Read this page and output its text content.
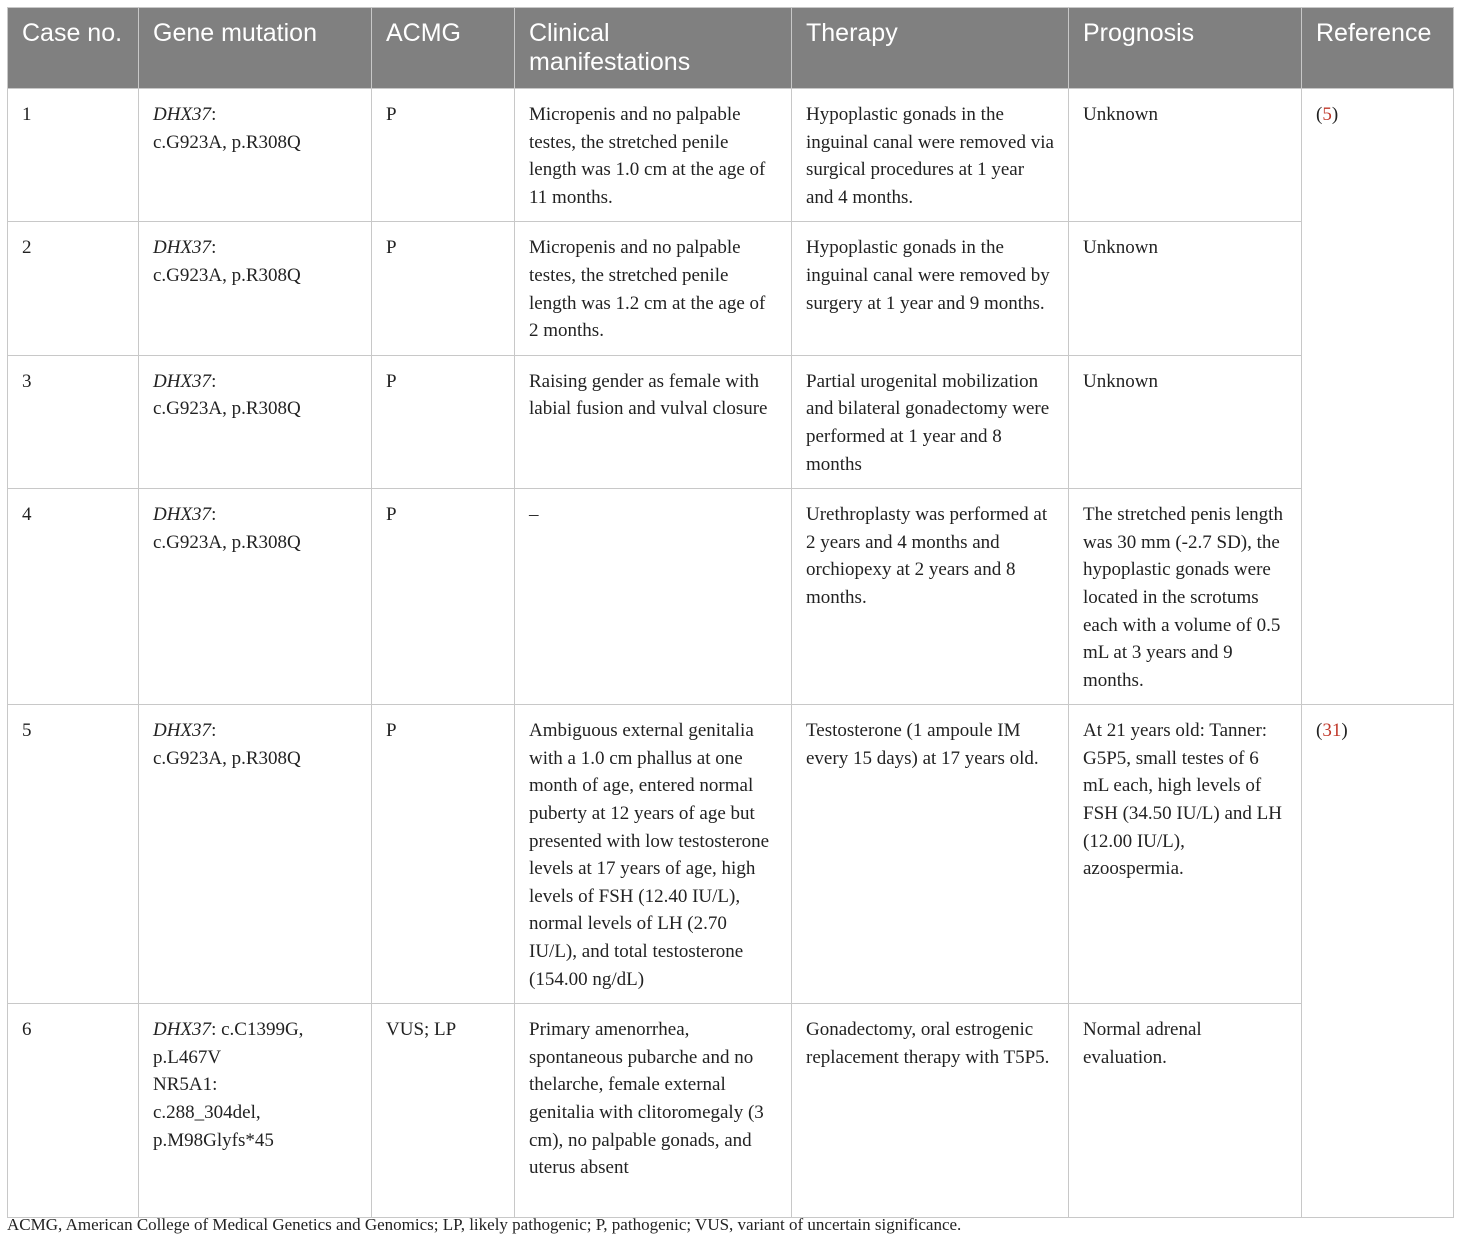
Case no.	Gene mutation	ACMG	Clinical manifestations	Therapy	Prognosis	Reference
1	DHX37:
c.G923A, p.R308Q	P	Micropenis and no palpable testes, the stretched penile length was 1.0 cm at the age of 11 months.	Hypoplastic gonads in the inguinal canal were removed via surgical procedures at 1 year and 4 months.	Unknown	(5)
2	DHX37:
c.G923A, p.R308Q	P	Micropenis and no palpable testes, the stretched penile length was 1.2 cm at the age of 2 months.	Hypoplastic gonads in the inguinal canal were removed by surgery at 1 year and 9 months.	Unknown	
3	DHX37:
c.G923A, p.R308Q	P	Raising gender as female with labial fusion and vulval closure	Partial urogenital mobilization and bilateral gonadectomy were performed at 1 year and 8 months	Unknown	
4	DHX37:
c.G923A, p.R308Q	P	–	Urethroplasty was performed at 2 years and 4 months and orchiopexy at 2 years and 8 months.	The stretched penis length was 30 mm (-2.7 SD), the hypoplastic gonads were located in the scrotums each with a volume of 0.5 mL at 3 years and 9 months.	
5	DHX37:
c.G923A, p.R308Q	P	Ambiguous external genitalia with a 1.0 cm phallus at one month of age, entered normal puberty at 12 years of age but presented with low testosterone levels at 17 years of age, high levels of FSH (12.40 IU/L), normal levels of LH (2.70 IU/L), and total testosterone (154.00 ng/dL)	Testosterone (1 ampoule IM every 15 days) at 17 years old.	At 21 years old: Tanner: G5P5, small testes of 6 mL each, high levels of FSH (34.50 IU/L) and LH (12.00 IU/L), azoospermia.	(31)
6	DHX37: c.C1399G,
p.L467V
NR5A1:
c.288_304del,
p.M98Glyfs*45	VUS; LP	Primary amenorrhea, spontaneous pubarche and no thelarche, female external genitalia with clitoromegaly (3 cm), no palpable gonads, and uterus absent	Gonadectomy, oral estrogenic replacement therapy with T5P5.	Normal adrenal evaluation.	
ACMG, American College of Medical Genetics and Genomics; LP, likely pathogenic; P, pathogenic; VUS, variant of uncertain significance.
